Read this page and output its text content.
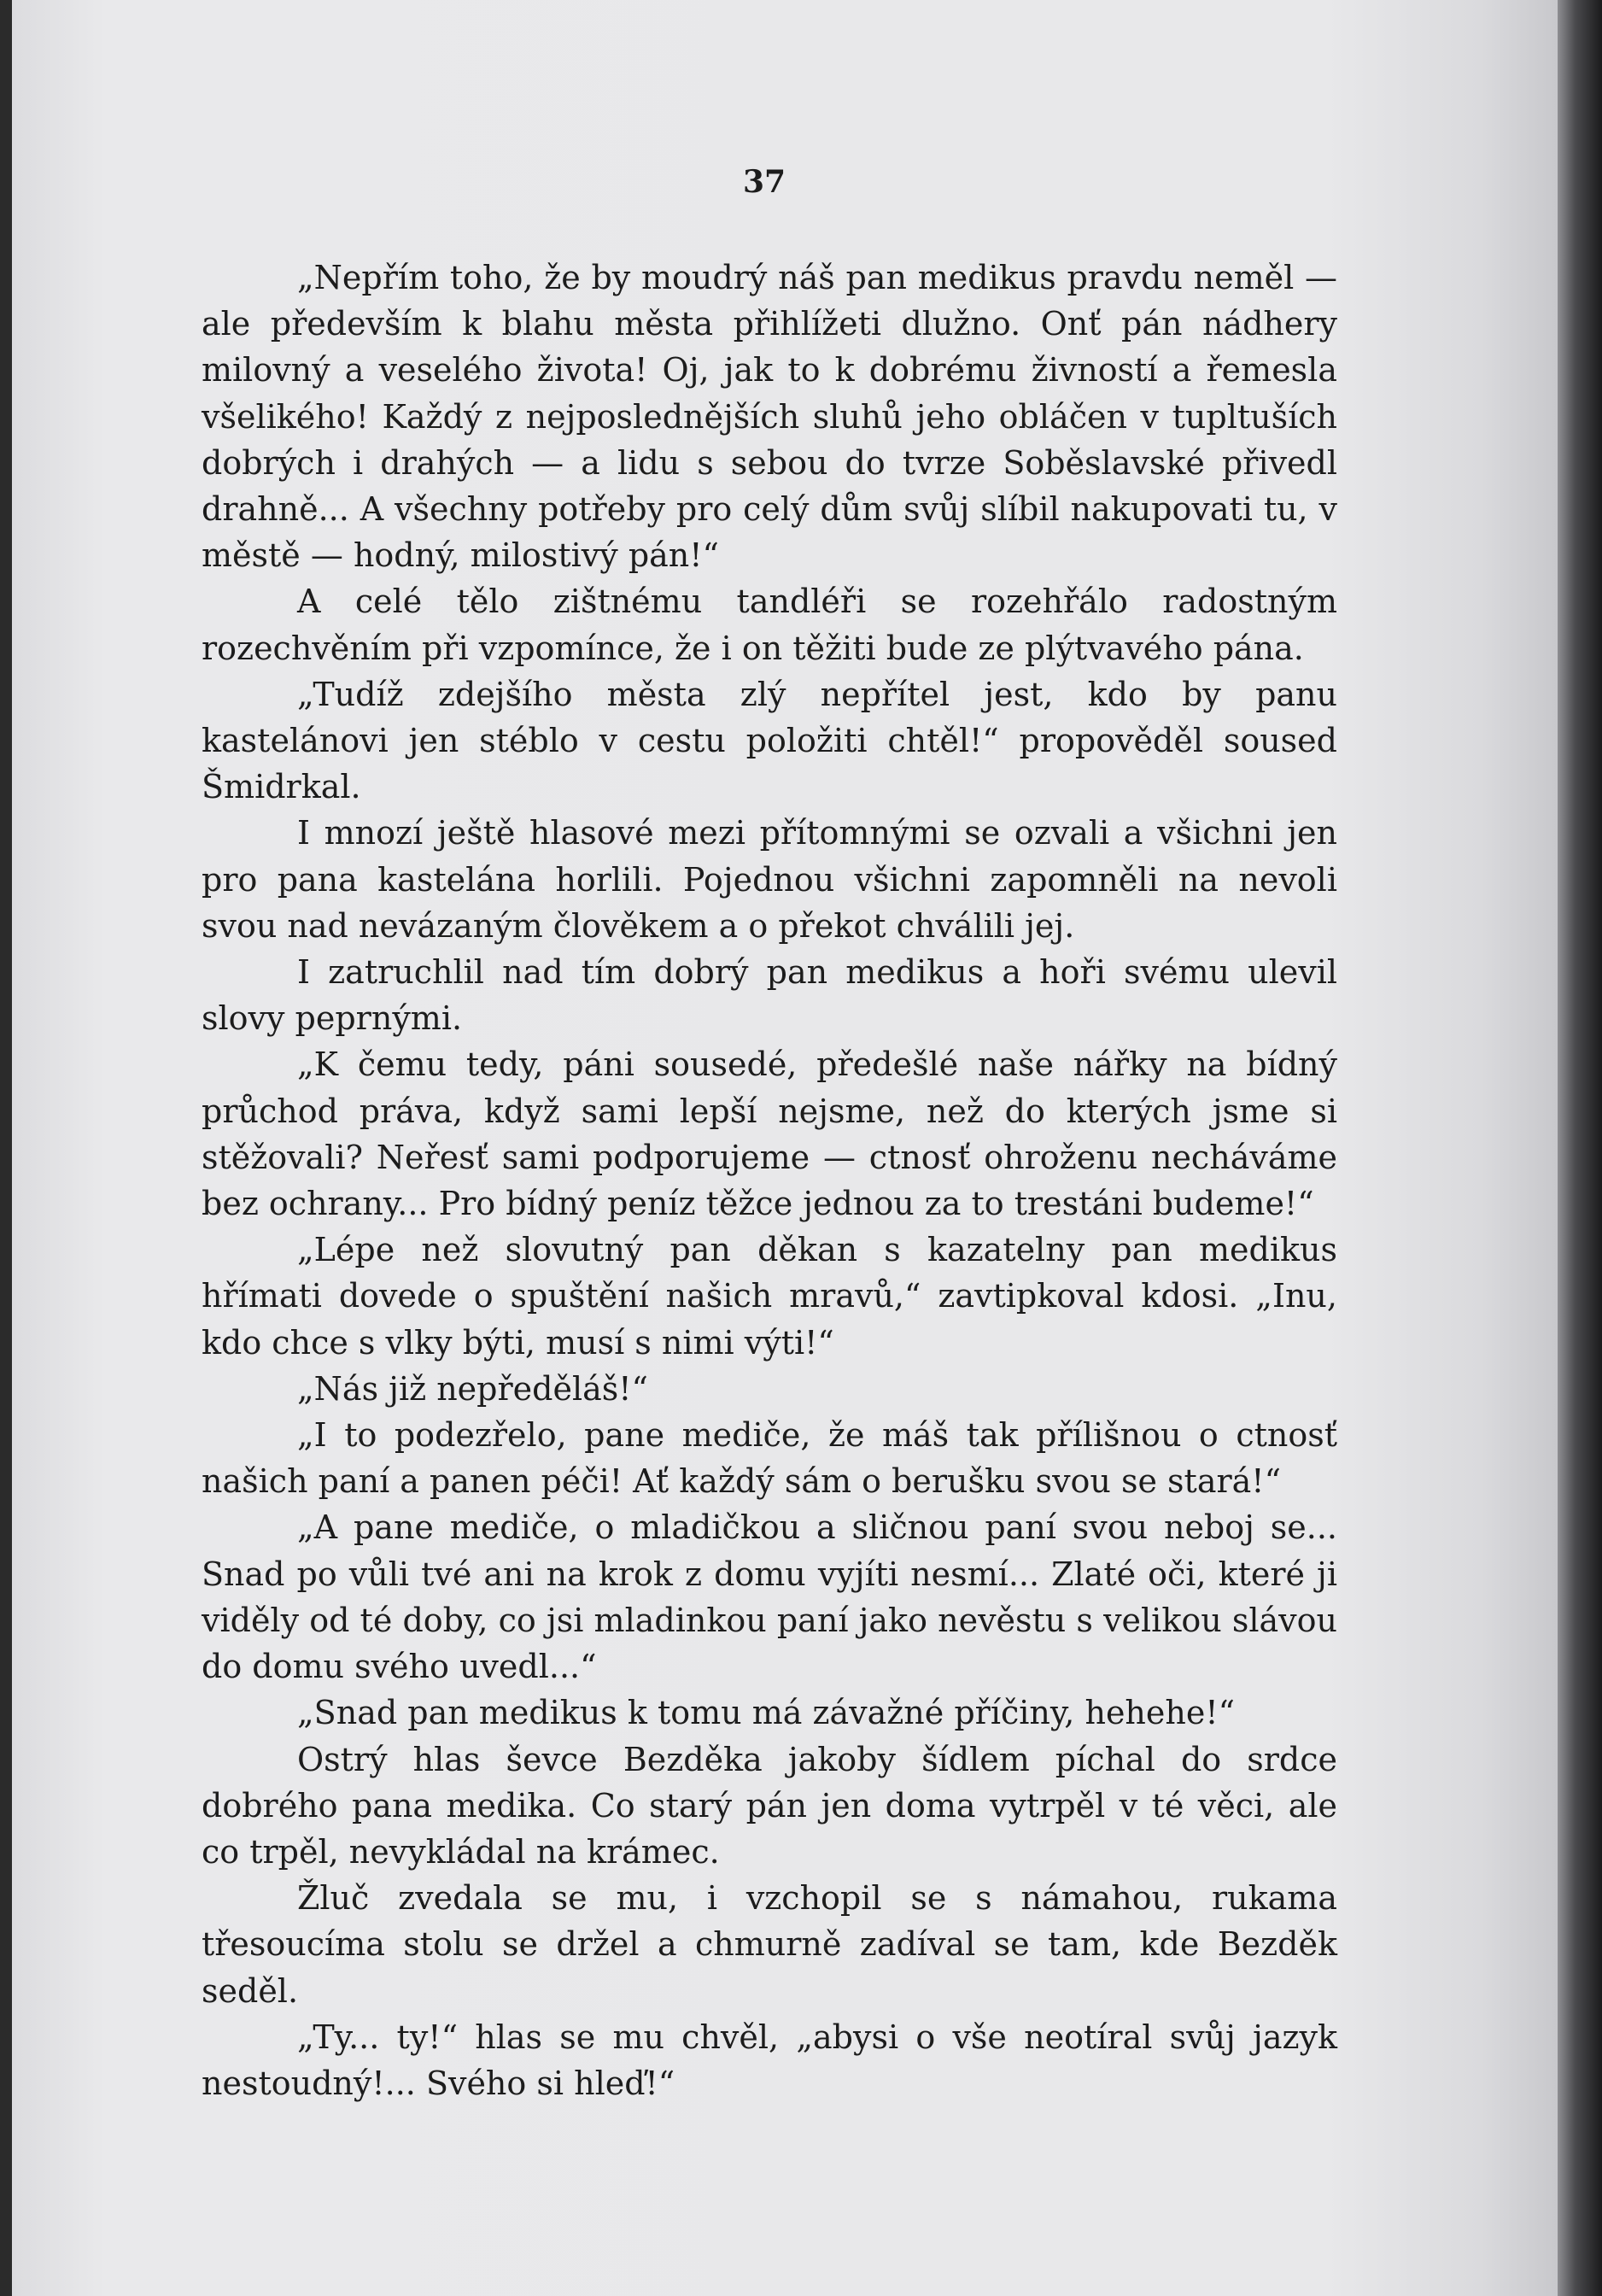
37

„Nepřím toho, že by moudrý náš pan medikus pravdu neměl — ale především k blahu města přihlížeti dlužno. Onť pán nádhery milovný a veselého života! Oj, jak to k dobrému živností a řemesla všelikého! Každý z nejposlednějších sluhů jeho obláčen v tupltuších dobrých i drahých — a lidu s sebou do tvrze Soběslavské přivedl drahně... A všechny potřeby pro celý dům svůj slíbil nakupovati tu, v městě — hodný, milostivý pán!“

A celé tělo zištnému tandléři se rozehřálo radostným rozechvěním při vzpomínce, že i on těžiti bude ze plýtvavého pána.

„Tudíž zdejšího města zlý nepřítel jest, kdo by panu kastelánovi jen stéblo v cestu položiti chtěl!“ propověděl soused Šmidrkal.

I mnozí ještě hlasové mezi přítomnými se ozvali a všichni jen pro pana kastelána horlili. Pojednou všichni zapomněli na nevoli svou nad nevázaným člověkem a o překot chválili jej.

I zatruchlil nad tím dobrý pan medikus a hoři svému ulevil slovy peprnými.

„K čemu tedy, páni sousedé, předešlé naše nářky na bídný průchod práva, když sami lepší nejsme, než do kterých jsme si stěžovali? Neřesť sami podporujeme — ctnosť ohroženu necháváme bez ochrany... Pro bídný peníz těžce jednou za to trestáni budeme!“

„Lépe než slovutný pan děkan s kazatelny pan medikus hřímati dovede o spuštění našich mravů,“ zavtipkoval kdosi. „Inu, kdo chce s vlky býti, musí s nimi výti!“

„Nás již nepředěláš!“

„I to podezřelo, pane mediče, že máš tak přílišnou o ctnosť našich paní a panen péči! Ať každý sám o berušku svou se stará!“

„A pane mediče, o mladičkou a sličnou paní svou neboj se... Snad po vůli tvé ani na krok z domu vyjíti nesmí... Zlaté oči, které ji viděly od té doby, co jsi mladinkou paní jako nevěstu s velikou slávou do domu svého uvedl...“

„Snad pan medikus k tomu má závažné příčiny, hehehe!“

Ostrý hlas ševce Bezděka jakoby šídlem píchal do srdce dobrého pana medika. Co starý pán jen doma vytrpěl v té věci, ale co trpěl, nevykládal na krámec.

Žluč zvedala se mu, i vzchopil se s námahou, rukama třesoucíma stolu se držel a chmurně zadíval se tam, kde Bezděk seděl.

„Ty... ty!“ hlas se mu chvěl, „abysi o vše neotíral svůj jazyk nestoudný!... Svého si hleď!“
